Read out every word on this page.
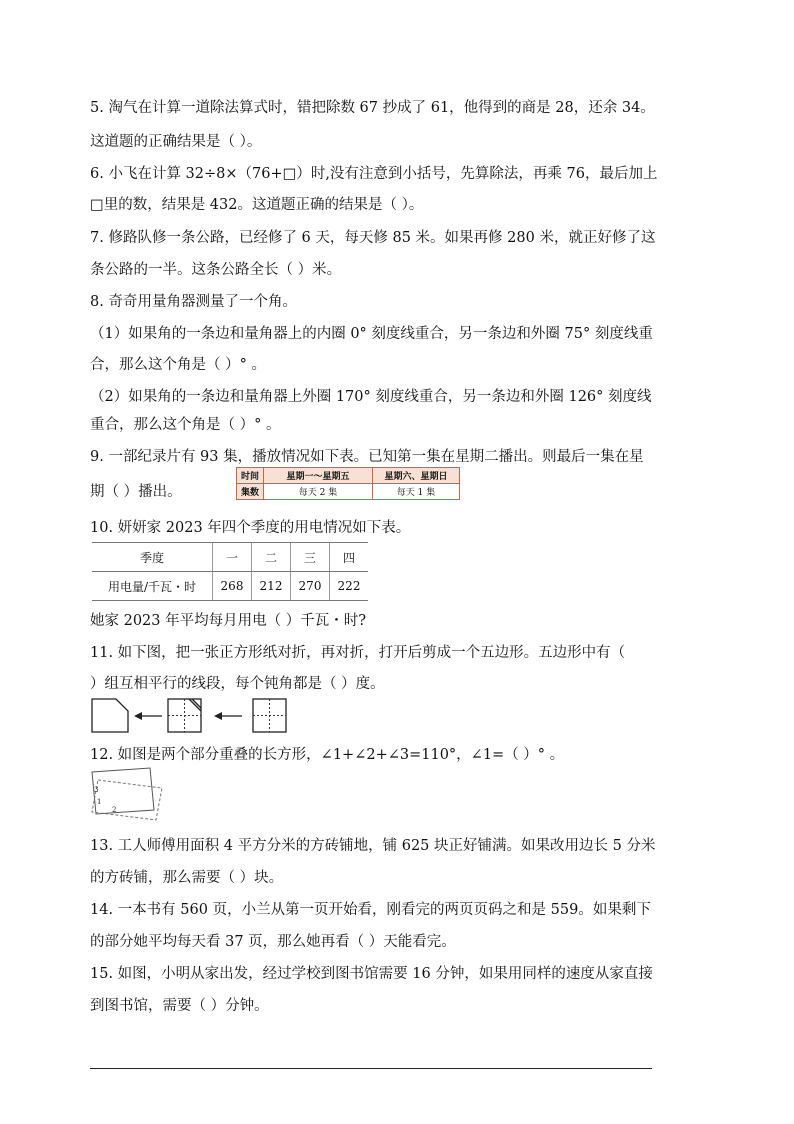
5. 淘气在计算一道除法算式时，错把除数 67 抄成了 61，他得到的商是 28，还余 34。
这道题的正确结果是（ ）。
6. 小飞在计算 32÷8×（76+□）时,没有注意到小括号，先算除法，再乘 76，最后加上
□里的数，结果是 432。这道题正确的结果是（ ）。
7. 修路队修一条公路，已经修了 6 天，每天修 85 米。如果再修 280 米，就正好修了这
条公路的一半。这条公路全长（ ）米。
8. 奇奇用量角器测量了一个角。
（1）如果角的一条边和量角器上的内圈 0° 刻度线重合，另一条边和外圈 75° 刻度线重
合，那么这个角是（ ）° 。
（2）如果角的一条边和量角器上外圈 170° 刻度线重合，另一条边和外圈 126° 刻度线
重合，那么这个角是（ ）° 。
9. 一部纪录片有 93 集，播放情况如下表。已知第一集在星期二播出。则最后一集在星
期（ ）播出。
时间	星期一～星期五	星期六、星期日
集数	每天 2 集	每天 1 集
10. 妍妍家 2023 年四个季度的用电情况如下表。
季度	一	二	三	四
用电量/千瓦・时	268	212	270	222
她家 2023 年平均每月用电（ ）千瓦・时?
11. 如下图，把一张正方形纸对折，再对折，打开后剪成一个五边形。五边形中有（
）组互相平行的线段，每个钝角都是（ ）度。
12. 如图是两个部分重叠的长方形，∠1+∠2+∠3=110°，∠1=（ ）° 。
3
1
2
13. 工人师傅用面积 4 平方分米的方砖铺地，铺 625 块正好铺满。如果改用边长 5 分米
的方砖铺，那么需要（ ）块。
14. 一本书有 560 页，小兰从第一页开始看，刚看完的两页页码之和是 559。如果剩下
的部分她平均每天看 37 页，那么她再看（ ）天能看完。
15. 如图，小明从家出发，经过学校到图书馆需要 16 分钟，如果用同样的速度从家直接
到图书馆，需要（ ）分钟。
